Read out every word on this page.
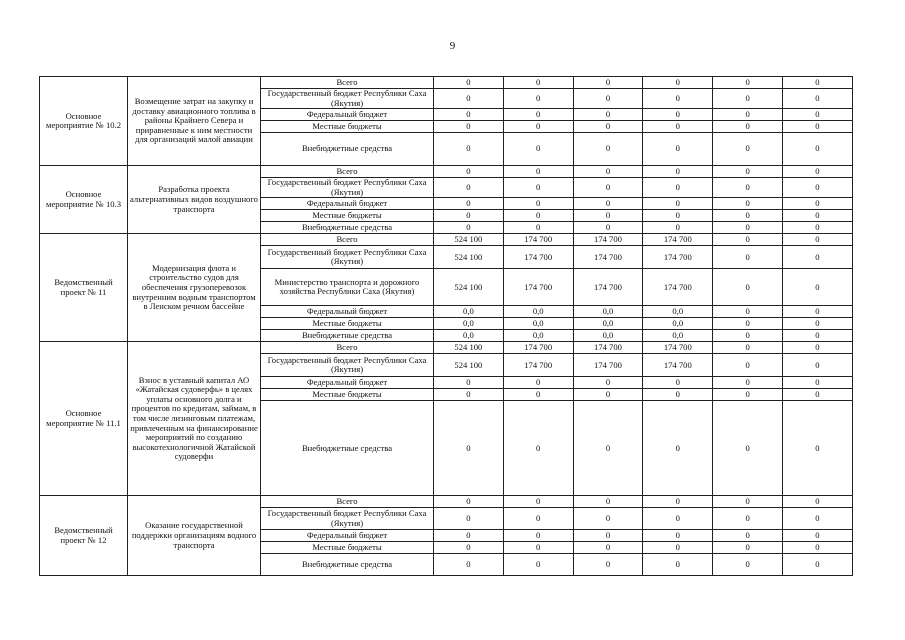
9
Основное мероприятие № 10.2	Возмещение затрат на закупку и доставку авиационного топлива в районы Крайнего Севера и приравненные к ним местности для организаций малой авиации	Всего	0	0	0	0	0	0
		Государственный бюджет Республики Саха (Якутия)	0	0	0	0	0	0
		Федеральный бюджет	0	0	0	0	0	0
		Местные бюджеты	0	0	0	0	0	0
		Внебюджетные средства	0	0	0	0	0	0
Основное мероприятие № 10.3	Разработка проекта альтернативных видов воздушного транспорта	Всего	0	0	0	0	0	0
		Государственный бюджет Республики Саха (Якутия)	0	0	0	0	0	0
		Федеральный бюджет	0	0	0	0	0	0
		Местные бюджеты	0	0	0	0	0	0
		Внебюджетные средства	0	0	0	0	0	0
Ведомственный проект № 11	Модернизация флота и строительство судов для обеспечения грузоперевозок внутренним водным транспортом в Ленском речном бассейне	Всего	524 100	174 700	174 700	174 700	0	0
		Государственный бюджет Республики Саха (Якутия)	524 100	174 700	174 700	174 700	0	0
		Министерство транспорта и дорожного хозяйства Республики Саха (Якутия)	524 100	174 700	174 700	174 700	0	0
		Федеральный бюджет	0,0	0,0	0,0	0,0	0	0
		Местные бюджеты	0,0	0,0	0,0	0,0	0	0
		Внебюджетные средства	0,0	0,0	0,0	0,0	0	0
Основное мероприятие № 11.1	Взнос в уставный капитал АО «Жатайская судоверфь» в целях уплаты основного долга и процентов по кредитам, займам, в том числе лизинговым платежам, привлеченным на финансирование мероприятий по созданию высокотехнологичной Жатайской судоверфи	Всего	524 100	174 700	174 700	174 700	0	0
		Государственный бюджет Республики Саха (Якутия)	524 100	174 700	174 700	174 700	0	0
		Федеральный бюджет	0	0	0	0	0	0
		Местные бюджеты	0	0	0	0	0	0
		Внебюджетные средства	0	0	0	0	0	0
Ведомственный проект № 12	Оказание государственной поддержки организациям водного транспорта	Всего	0	0	0	0	0	0
		Государственный бюджет Республики Саха (Якутия)	0	0	0	0	0	0
		Федеральный бюджет	0	0	0	0	0	0
		Местные бюджеты	0	0	0	0	0	0
		Внебюджетные средства	0	0	0	0	0	0
